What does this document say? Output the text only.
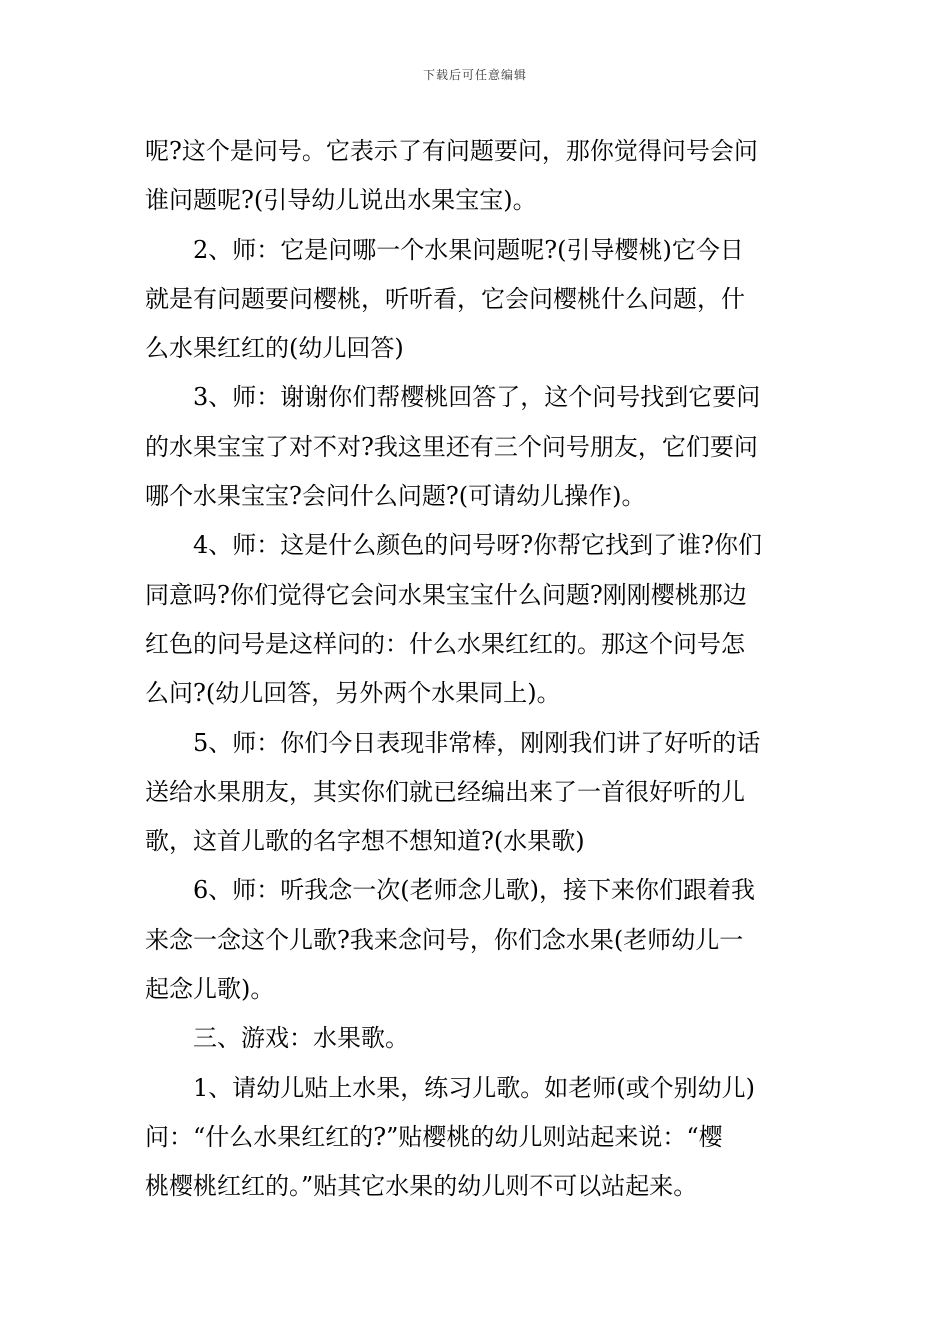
下载后可任意编辑
呢?这个是问号。它表示了有问题要问，那你觉得问号会问
谁问题呢?(引导幼儿说出水果宝宝)。
2、师：它是问哪一个水果问题呢?(引导樱桃)它今日
就是有问题要问樱桃，听听看，它会问樱桃什么问题，什
么水果红红的(幼儿回答)
3、师：谢谢你们帮樱桃回答了，这个问号找到它要问
的水果宝宝了对不对?我这里还有三个问号朋友，它们要问
哪个水果宝宝?会问什么问题?(可请幼儿操作)。
4、师：这是什么颜色的问号呀?你帮它找到了谁?你们
同意吗?你们觉得它会问水果宝宝什么问题?刚刚樱桃那边
红色的问号是这样问的：什么水果红红的。那这个问号怎
么问?(幼儿回答，另外两个水果同上)。
5、师：你们今日表现非常棒，刚刚我们讲了好听的话
送给水果朋友，其实你们就已经编出来了一首很好听的儿
歌，这首儿歌的名字想不想知道?(水果歌)
6、师：听我念一次(老师念儿歌)，接下来你们跟着我
来念一念这个儿歌?我来念问号，你们念水果(老师幼儿一
起念儿歌)。
三、游戏：水果歌。
1、请幼儿贴上水果，练习儿歌。如老师(或个别幼儿)
问：“什么水果红红的?”贴樱桃的幼儿则站起来说：“樱
桃樱桃红红的。”贴其它水果的幼儿则不可以站起来。
